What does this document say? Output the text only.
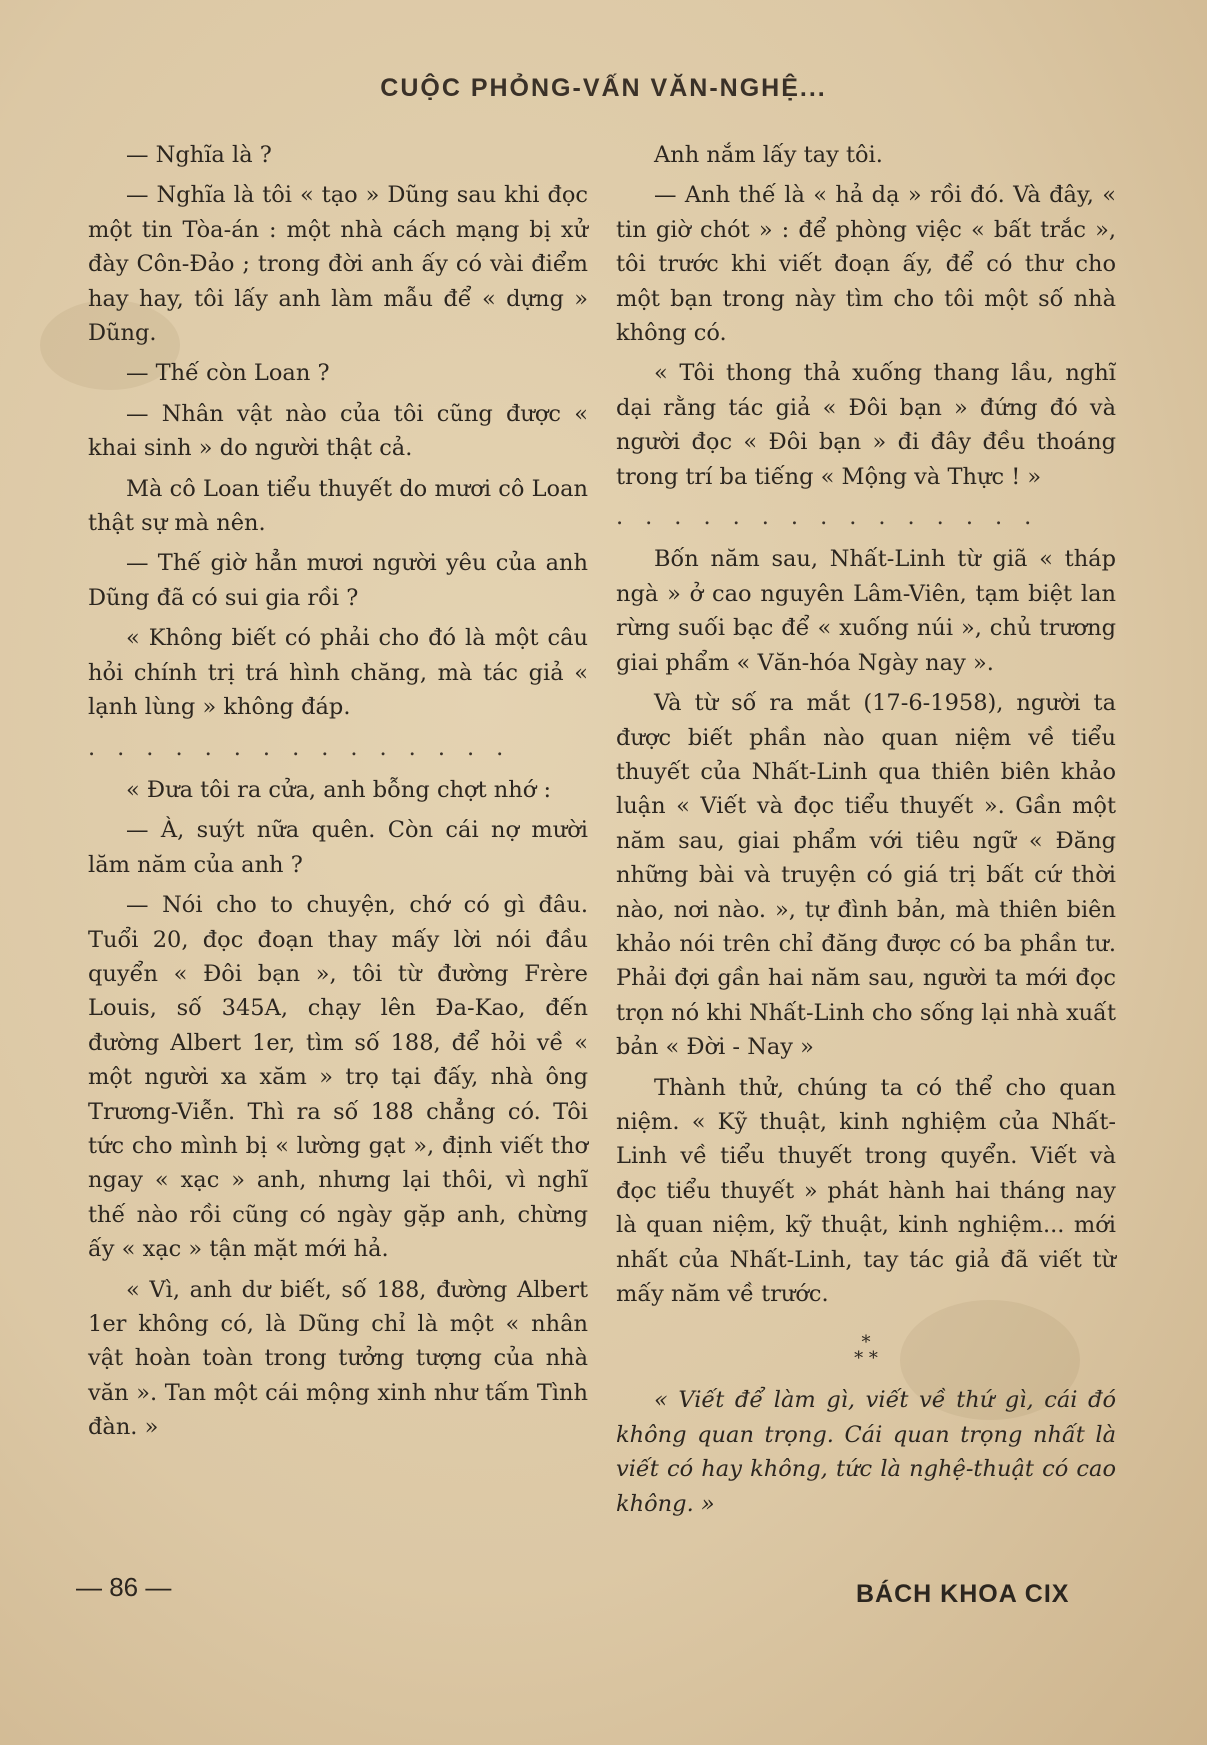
CUỘC PHỎNG-VẤN VĂN-NGHỆ...

— Nghĩa là ?

— Nghĩa là tôi « tạo » Dũng sau khi đọc một tin Tòa-án : một nhà cách mạng bị xử đày Côn-Đảo ; trong đời anh ấy có vài điểm hay hay, tôi lấy anh làm mẫu để « dựng » Dũng.

— Thế còn Loan ?

— Nhân vật nào của tôi cũng được « khai sinh » do người thật cả.

Mà cô Loan tiểu thuyết do mươi cô Loan thật sự mà nên.

— Thế giờ hẳn mươi người yêu của anh Dũng đã có sui gia rồi ?

« Không biết có phải cho đó là một câu hỏi chính trị trá hình chăng, mà tác giả « lạnh lùng » không đáp.

...............

« Đưa tôi ra cửa, anh bỗng chợt nhớ :

— À, suýt nữa quên. Còn cái nợ mười lăm năm của anh ?

— Nói cho to chuyện, chớ có gì đâu. Tuổi 20, đọc đoạn thay mấy lời nói đầu quyển « Đôi bạn », tôi từ đường Frère Louis, số 345A, chạy lên Đa-Kao, đến đường Albert 1er, tìm số 188, để hỏi về « một người xa xăm » trọ tại đấy, nhà ông Trương-Viễn. Thì ra số 188 chẳng có. Tôi tức cho mình bị « lường gạt », định viết thơ ngay « xạc » anh, nhưng lại thôi, vì nghĩ thế nào rồi cũng có ngày gặp anh, chừng ấy « xạc » tận mặt mới hả.

« Vì, anh dư biết, số 188, đường Albert 1er không có, là Dũng chỉ là một « nhân vật hoàn toàn trong tưởng tượng của nhà văn ». Tan một cái mộng xinh như tấm Tình đàn. »

Anh nắm lấy tay tôi.

— Anh thế là « hả dạ » rồi đó. Và đây, « tin giờ chót » : để phòng việc « bất trắc », tôi trước khi viết đoạn ấy, để có thư cho một bạn trong này tìm cho tôi một số nhà không có.

« Tôi thong thả xuống thang lầu, nghĩ dại rằng tác giả « Đôi bạn » đứng đó và người đọc « Đôi bạn » đi đây đều thoáng trong trí ba tiếng « Mộng và Thực ! »

...............

Bốn năm sau, Nhất-Linh từ giã « tháp ngà » ở cao nguyên Lâm-Viên, tạm biệt lan rừng suối bạc để « xuống núi », chủ trương giai phẩm « Văn-hóa Ngày nay ».

Và từ số ra mắt (17-6-1958), người ta được biết phần nào quan niệm về tiểu thuyết của Nhất-Linh qua thiên biên khảo luận « Viết và đọc tiểu thuyết ». Gần một năm sau, giai phẩm với tiêu ngữ « Đăng những bài và truyện có giá trị bất cứ thời nào, nơi nào. », tự đình bản, mà thiên biên khảo nói trên chỉ đăng được có ba phần tư. Phải đợi gần hai năm sau, người ta mới đọc trọn nó khi Nhất-Linh cho sống lại nhà xuất bản « Đời - Nay »

Thành thử, chúng ta có thể cho quan niệm. « Kỹ thuật, kinh nghiệm của Nhất-Linh về tiểu thuyết trong quyển. Viết và đọc tiểu thuyết » phát hành hai tháng nay là quan niệm, kỹ thuật, kinh nghiệm... mới nhất của Nhất-Linh, tay tác giả đã viết từ mấy năm về trước.

*
* *

« Viết để làm gì, viết về thứ gì, cái đó không quan trọng. Cái quan trọng nhất là viết có hay không, tức là nghệ-thuật có cao không. »

— 86 —	BÁCH KHOA CIX
